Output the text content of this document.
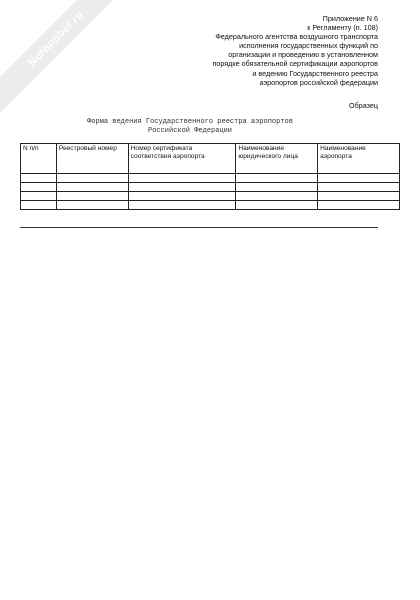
NoNumber.ru	Приложение N 6
к Регламенту (п. 108)
Федерального агентства воздушного транспорта
исполнения государственных функций по
организации и проведению в установленном
порядке обязательной сертификации аэропортов
и ведению Государственного реестра
аэропортов российской федерации
Образец
Форма ведения Государственного реестра аэропортов
Российской Федерации
N п/п	Реестровый номер	Номер сертификата соответствия аэропорта	Наименование юридического лица	Наименование аэропорта
